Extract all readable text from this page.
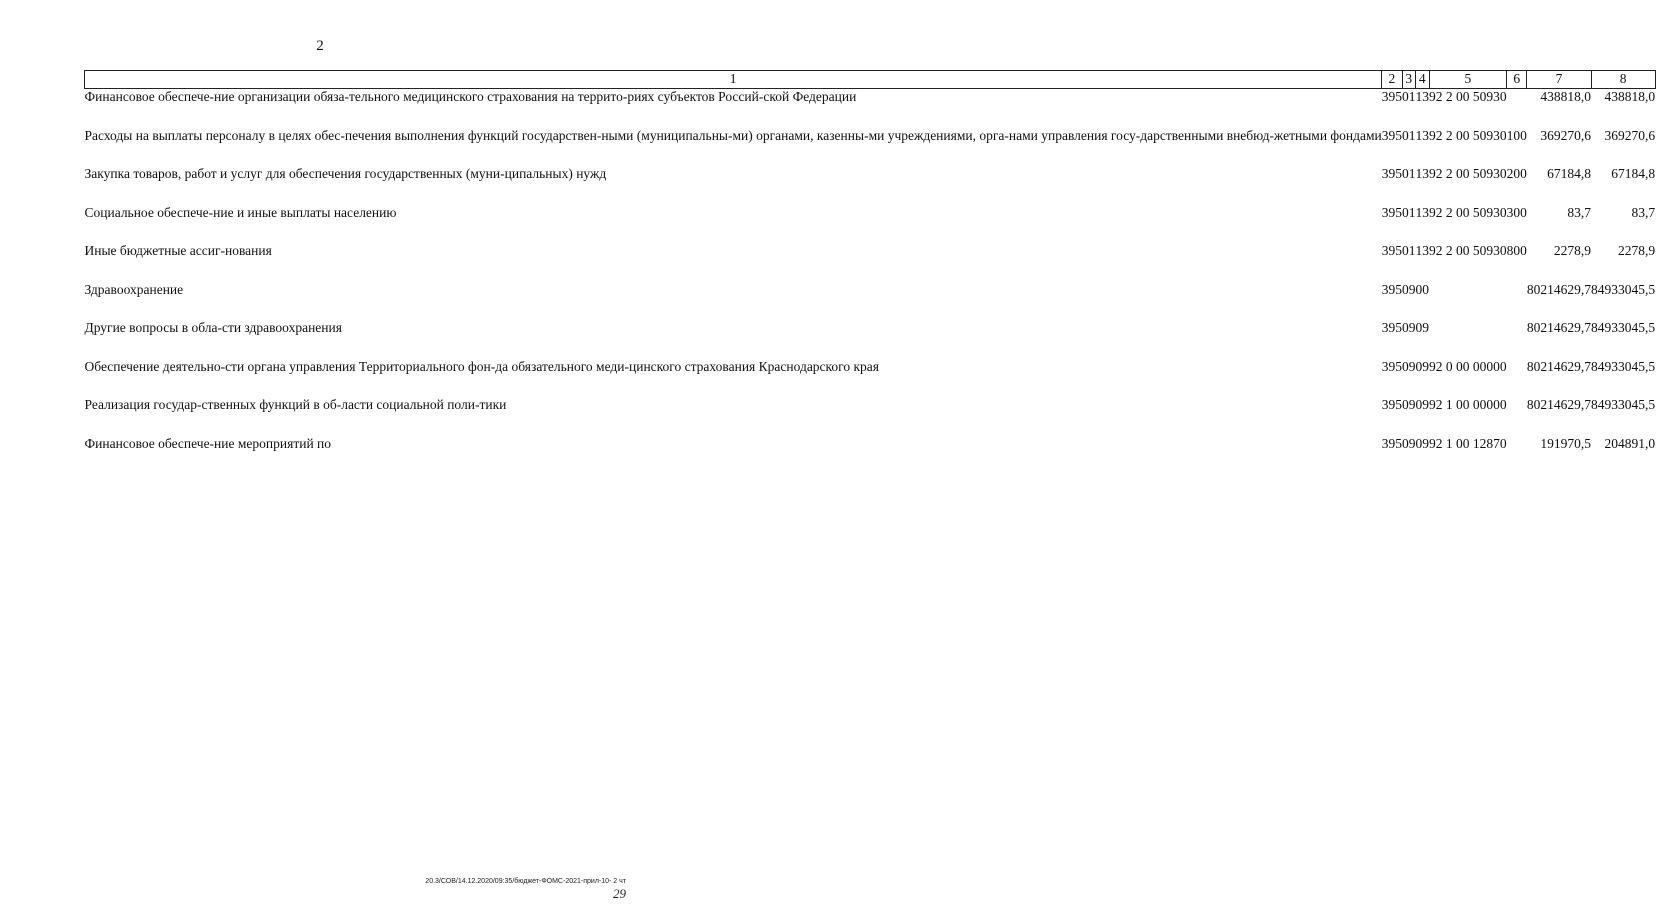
2
1	2	3	4	5	6	7	8
Финансовое обеспече-ние организации обяза-тельного медицинского страхования на террито-риях субъектов Россий-ской Федерации	395	01	13	92 2 00 50930		438818,0	438818,0

Расходы на выплаты персоналу в целях обес-печения выполнения функций государствен-ными (муниципальны-ми) органами, казенны-ми учреждениями, орга-нами управления госу-дарственными внебюд-жетными фондами	395	01	13	92 2 00 50930	100	369270,6	369270,6

Закупка товаров, работ и услуг для обеспечения государственных (муни-ципальных) нужд	395	01	13	92 2 00 50930	200	67184,8	67184,8

Социальное обеспече-ние и иные выплаты населению	395	01	13	92 2 00 50930	300	83,7	83,7

Иные бюджетные ассиг-нования	395	01	13	92 2 00 50930	800	2278,9	2278,9

Здравоохранение	395	09	00			80214629,7	84933045,5

Другие вопросы в обла-сти здравоохранения	395	09	09			80214629,7	84933045,5

Обеспечение деятельно-сти органа управления Территориального фон-да обязательного меди-цинского страхования Краснодарского края	395	09	09	92 0 00 00000		80214629,7	84933045,5

Реализация государ-ственных функций в об-ласти социальной поли-тики	395	09	09	92 1 00 00000		80214629,7	84933045,5

Финансовое обеспече-ние мероприятий по	395	09	09	92 1 00 12870		191970,5	204891,0
20.3/СОВ/14.12.2020/09:35/бюджет-ФОМС-2021-прил-10- 2 чт
29
